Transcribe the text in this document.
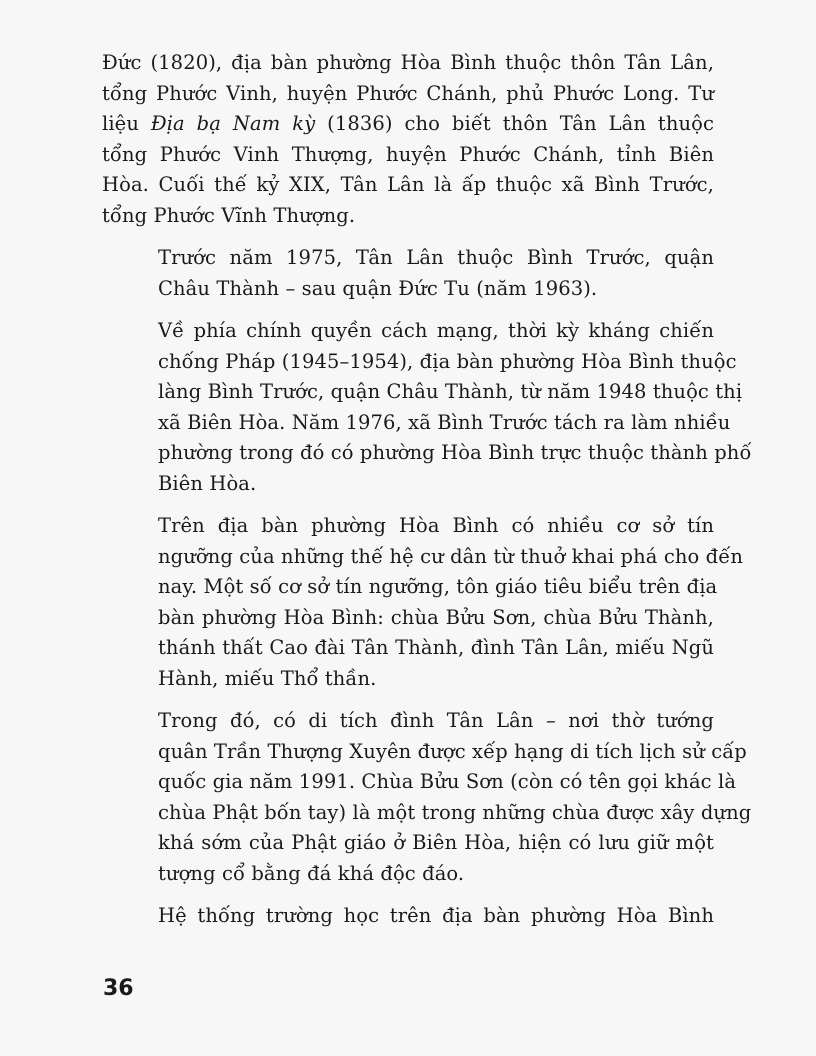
Đức (1820), địa bàn phường Hòa Bình thuộc thôn Tân Lân,
tổng Phước Vinh, huyện Phước Chánh, phủ Phước Long. Tư
liệu Địa bạ Nam kỳ (1836) cho biết thôn Tân Lân thuộc
tổng Phước Vinh Thượng, huyện Phước Chánh, tỉnh Biên
Hòa. Cuối thế kỷ XIX, Tân Lân là ấp thuộc xã Bình Trước,
tổng Phước Vĩnh Thượng.

Trước năm 1975, Tân Lân thuộc Bình Trước, quận
Châu Thành – sau quận Đức Tu (năm 1963).

Về phía chính quyền cách mạng, thời kỳ kháng chiến
chống Pháp (1945–1954), địa bàn phường Hòa Bình thuộc
làng Bình Trước, quận Châu Thành, từ năm 1948 thuộc thị
xã Biên Hòa. Năm 1976, xã Bình Trước tách ra làm nhiều
phường trong đó có phường Hòa Bình trực thuộc thành phố
Biên Hòa.

Trên địa bàn phường Hòa Bình có nhiều cơ sở tín
ngưỡng của những thế hệ cư dân từ thuở khai phá cho đến
nay. Một số cơ sở tín ngưỡng, tôn giáo tiêu biểu trên địa
bàn phường Hòa Bình: chùa Bửu Sơn, chùa Bửu Thành,
thánh thất Cao đài Tân Thành, đình Tân Lân, miếu Ngũ
Hành, miếu Thổ thần.

Trong đó, có di tích đình Tân Lân – nơi thờ tướng
quân Trần Thượng Xuyên được xếp hạng di tích lịch sử cấp
quốc gia năm 1991. Chùa Bửu Sơn (còn có tên gọi khác là
chùa Phật bốn tay) là một trong những chùa được xây dựng
khá sớm của Phật giáo ở Biên Hòa, hiện có lưu giữ một
tượng cổ bằng đá khá độc đáo.

Hệ thống trường học trên địa bàn phường Hòa Bình

36
